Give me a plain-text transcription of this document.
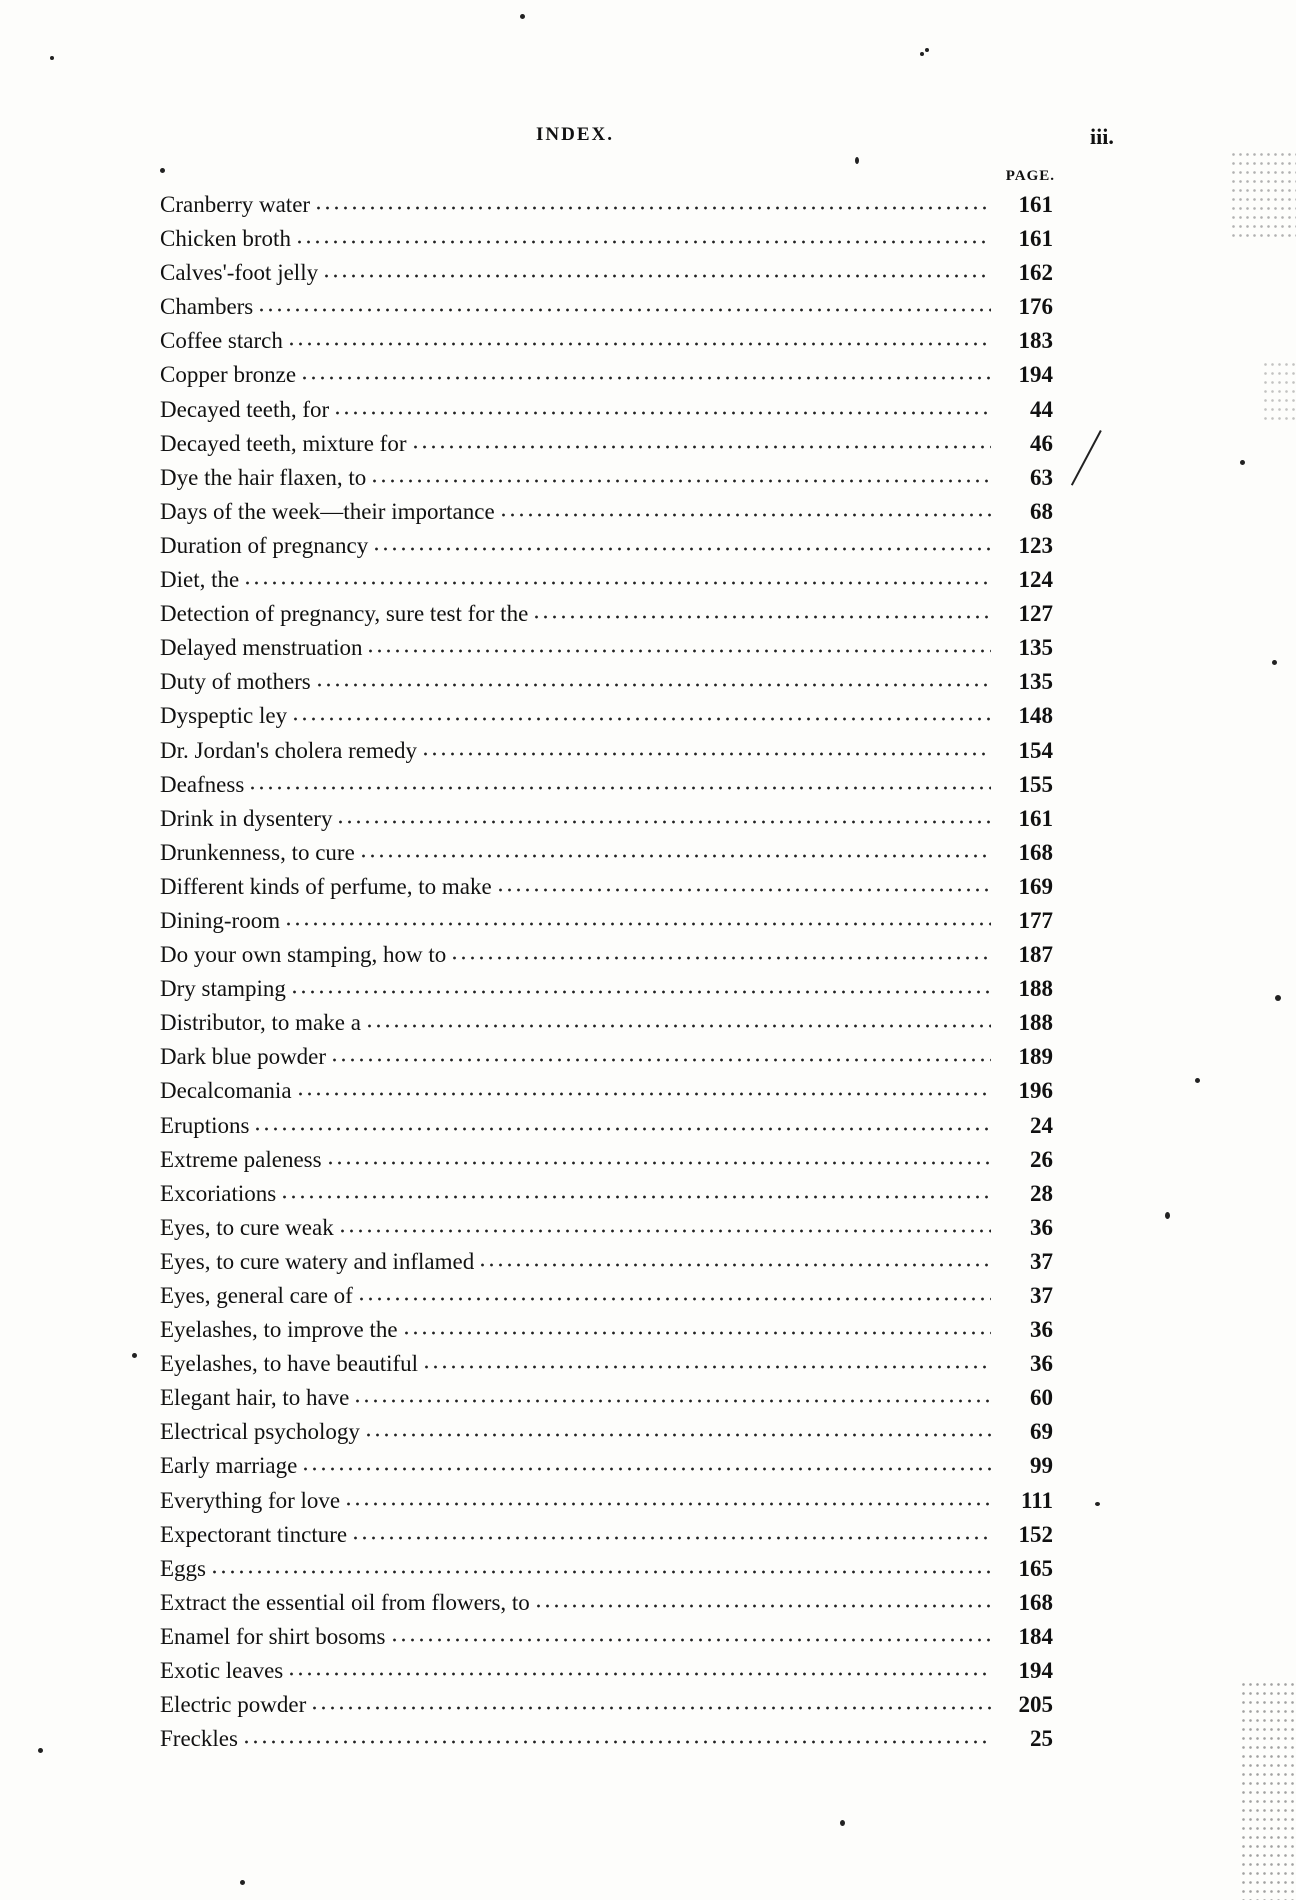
INDEX.	iii.
PAGE.
Cranberry water	161
Chicken broth	161
Calves'-foot jelly	162
Chambers	176
Coffee starch	183
Copper bronze	194
Decayed teeth, for	44
Decayed teeth, mixture for	46
Dye the hair flaxen, to	63
Days of the week—their importance	68
Duration of pregnancy	123
Diet, the	124
Detection of pregnancy, sure test for the	127
Delayed menstruation	135
Duty of mothers	135
Dyspeptic ley	148
Dr. Jordan's cholera remedy	154
Deafness	155
Drink in dysentery	161
Drunkenness, to cure	168
Different kinds of perfume, to make	169
Dining-room	177
Do your own stamping, how to	187
Dry stamping	188
Distributor, to make a	188
Dark blue powder	189
Decalcomania	196
Eruptions	24
Extreme paleness	26
Excoriations	28
Eyes, to cure weak	36
Eyes, to cure watery and inflamed	37
Eyes, general care of	37
Eyelashes, to improve the	36
Eyelashes, to have beautiful	36
Elegant hair, to have	60
Electrical psychology	69
Early marriage	99
Everything for love	111
Expectorant tincture	152
Eggs	165
Extract the essential oil from flowers, to	168
Enamel for shirt bosoms	184
Exotic leaves	194
Electric powder	205
Freckles	25
